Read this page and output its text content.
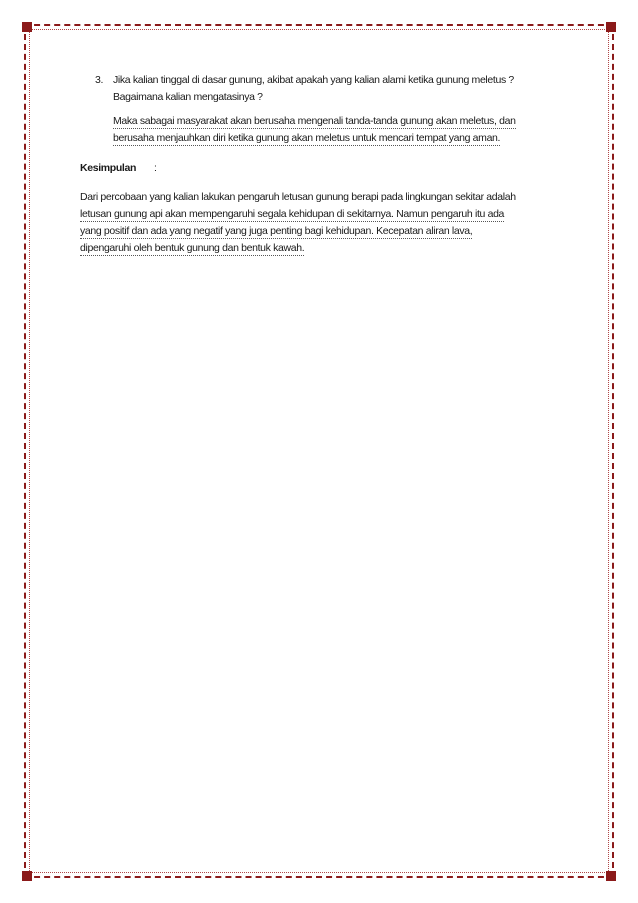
3. Jika kalian tinggal di dasar gunung, akibat apakah yang kalian alami ketika gunung meletus ?
Bagaimana kalian mengatasinya ?
Maka sabagai masyarakat akan berusaha mengenali tanda-tanda gunung akan meletus, dan
berusaha menjauhkan diri ketika gunung akan meletus untuk mencari tempat yang aman.
Kesimpulan	:
Dari percobaan yang kalian lakukan pengaruh letusan gunung berapi pada lingkungan sekitar adalah
letusan gunung api akan mempengaruhi segala kehidupan di sekitarnya. Namun pengaruh itu ada
yang positif dan ada yang negatif yang juga penting bagi kehidupan. Kecepatan aliran lava,
dipengaruhi oleh bentuk gunung dan bentuk kawah.
